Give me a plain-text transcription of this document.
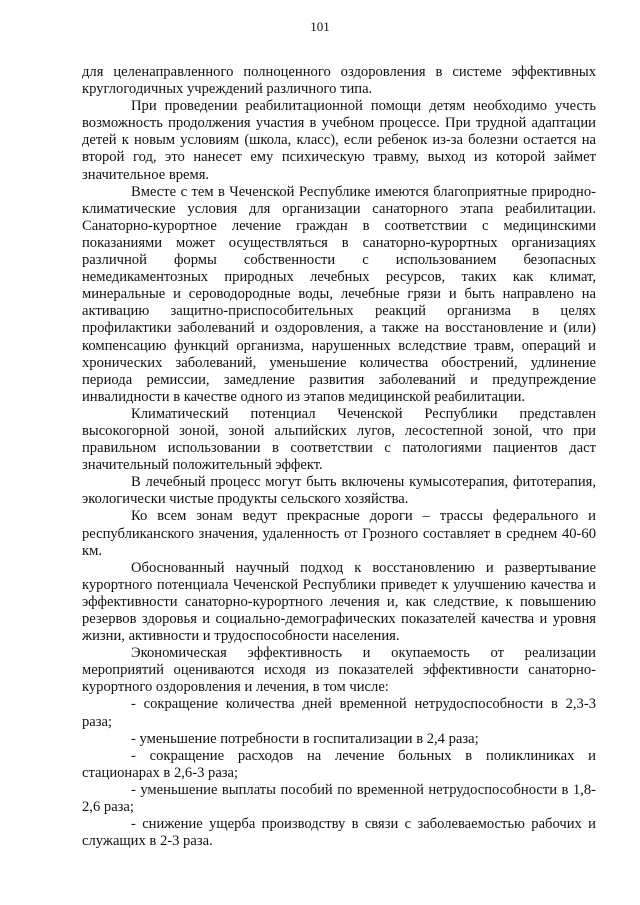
101

для целенаправленного полноценного оздоровления в системе эффективных круглогодичных учреждений различного типа.

При проведении реабилитационной помощи детям необходимо учесть возможность продолжения участия в учебном процессе. При трудной адаптации детей к новым условиям (школа, класс), если ребенок из-за болезни остается на второй год, это нанесет ему психическую травму, выход из которой займет значительное время.

Вместе с тем в Чеченской Республике имеются благоприятные природно-климатические условия для организации санаторного этапа реабилитации. Санаторно-курортное лечение граждан в соответствии с медицинскими показаниями может осуществляться в санаторно-курортных организациях различной формы собственности с использованием безопасных немедикаментозных природных лечебных ресурсов, таких как климат, минеральные и сероводородные воды, лечебные грязи и быть направлено на активацию защитно-приспособительных реакций организма в целях профилактики заболеваний и оздоровления, а также на восстановление и (или) компенсацию функций организма, нарушенных вследствие травм, операций и хронических заболеваний, уменьшение количества обострений, удлинение периода ремиссии, замедление развития заболеваний и предупреждение инвалидности в качестве одного из этапов медицинской реабилитации.

Климатический потенциал Чеченской Республики представлен высокогорной зоной, зоной альпийских лугов, лесостепной зоной, что при правильном использовании в соответствии с патологиями пациентов даст значительный положительный эффект.

В лечебный процесс могут быть включены кумысотерапия, фитотерапия, экологически чистые продукты сельского хозяйства.

Ко всем зонам ведут прекрасные дороги – трассы федерального и республиканского значения, удаленность от Грозного составляет в среднем 40-60 км.

Обоснованный научный подход к восстановлению и развертывание курортного потенциала Чеченской Республики приведет к улучшению качества и эффективности санаторно-курортного лечения и, как следствие, к повышению резервов здоровья и социально-демографических показателей качества и уровня жизни, активности и трудоспособности населения.

Экономическая эффективность и окупаемость от реализации мероприятий оцениваются исходя из показателей эффективности санаторно-курортного оздоровления и лечения, в том числе:

- сокращение количества дней временной нетрудоспособности в 2,3-3 раза;

- уменьшение потребности в госпитализации в 2,4 раза;

- сокращение расходов на лечение больных в поликлиниках и стационарах в 2,6-3 раза;

- уменьшение выплаты пособий по временной нетрудоспособности в 1,8-2,6 раза;

- снижение ущерба производству в связи с заболеваемостью рабочих и служащих в 2-3 раза.
